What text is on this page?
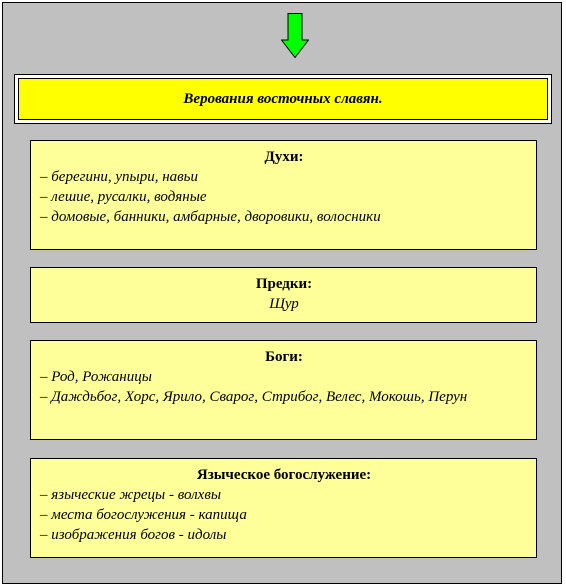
Верования восточных славян.
Духи:
– берегини, упыри, навьи
– лешие, русалки, водяные
– домовые, банники, амбарные, дворовики, волосники
Предки:
Щур
Боги:
– Род, Рожаницы
– Даждьбог, Хорс, Ярило, Сварог, Стрибог, Велес, Мокошь, Перун
Языческое богослужение:
– языческие жрецы - волхвы
– места богослужения - капища
– изображения богов - идолы
